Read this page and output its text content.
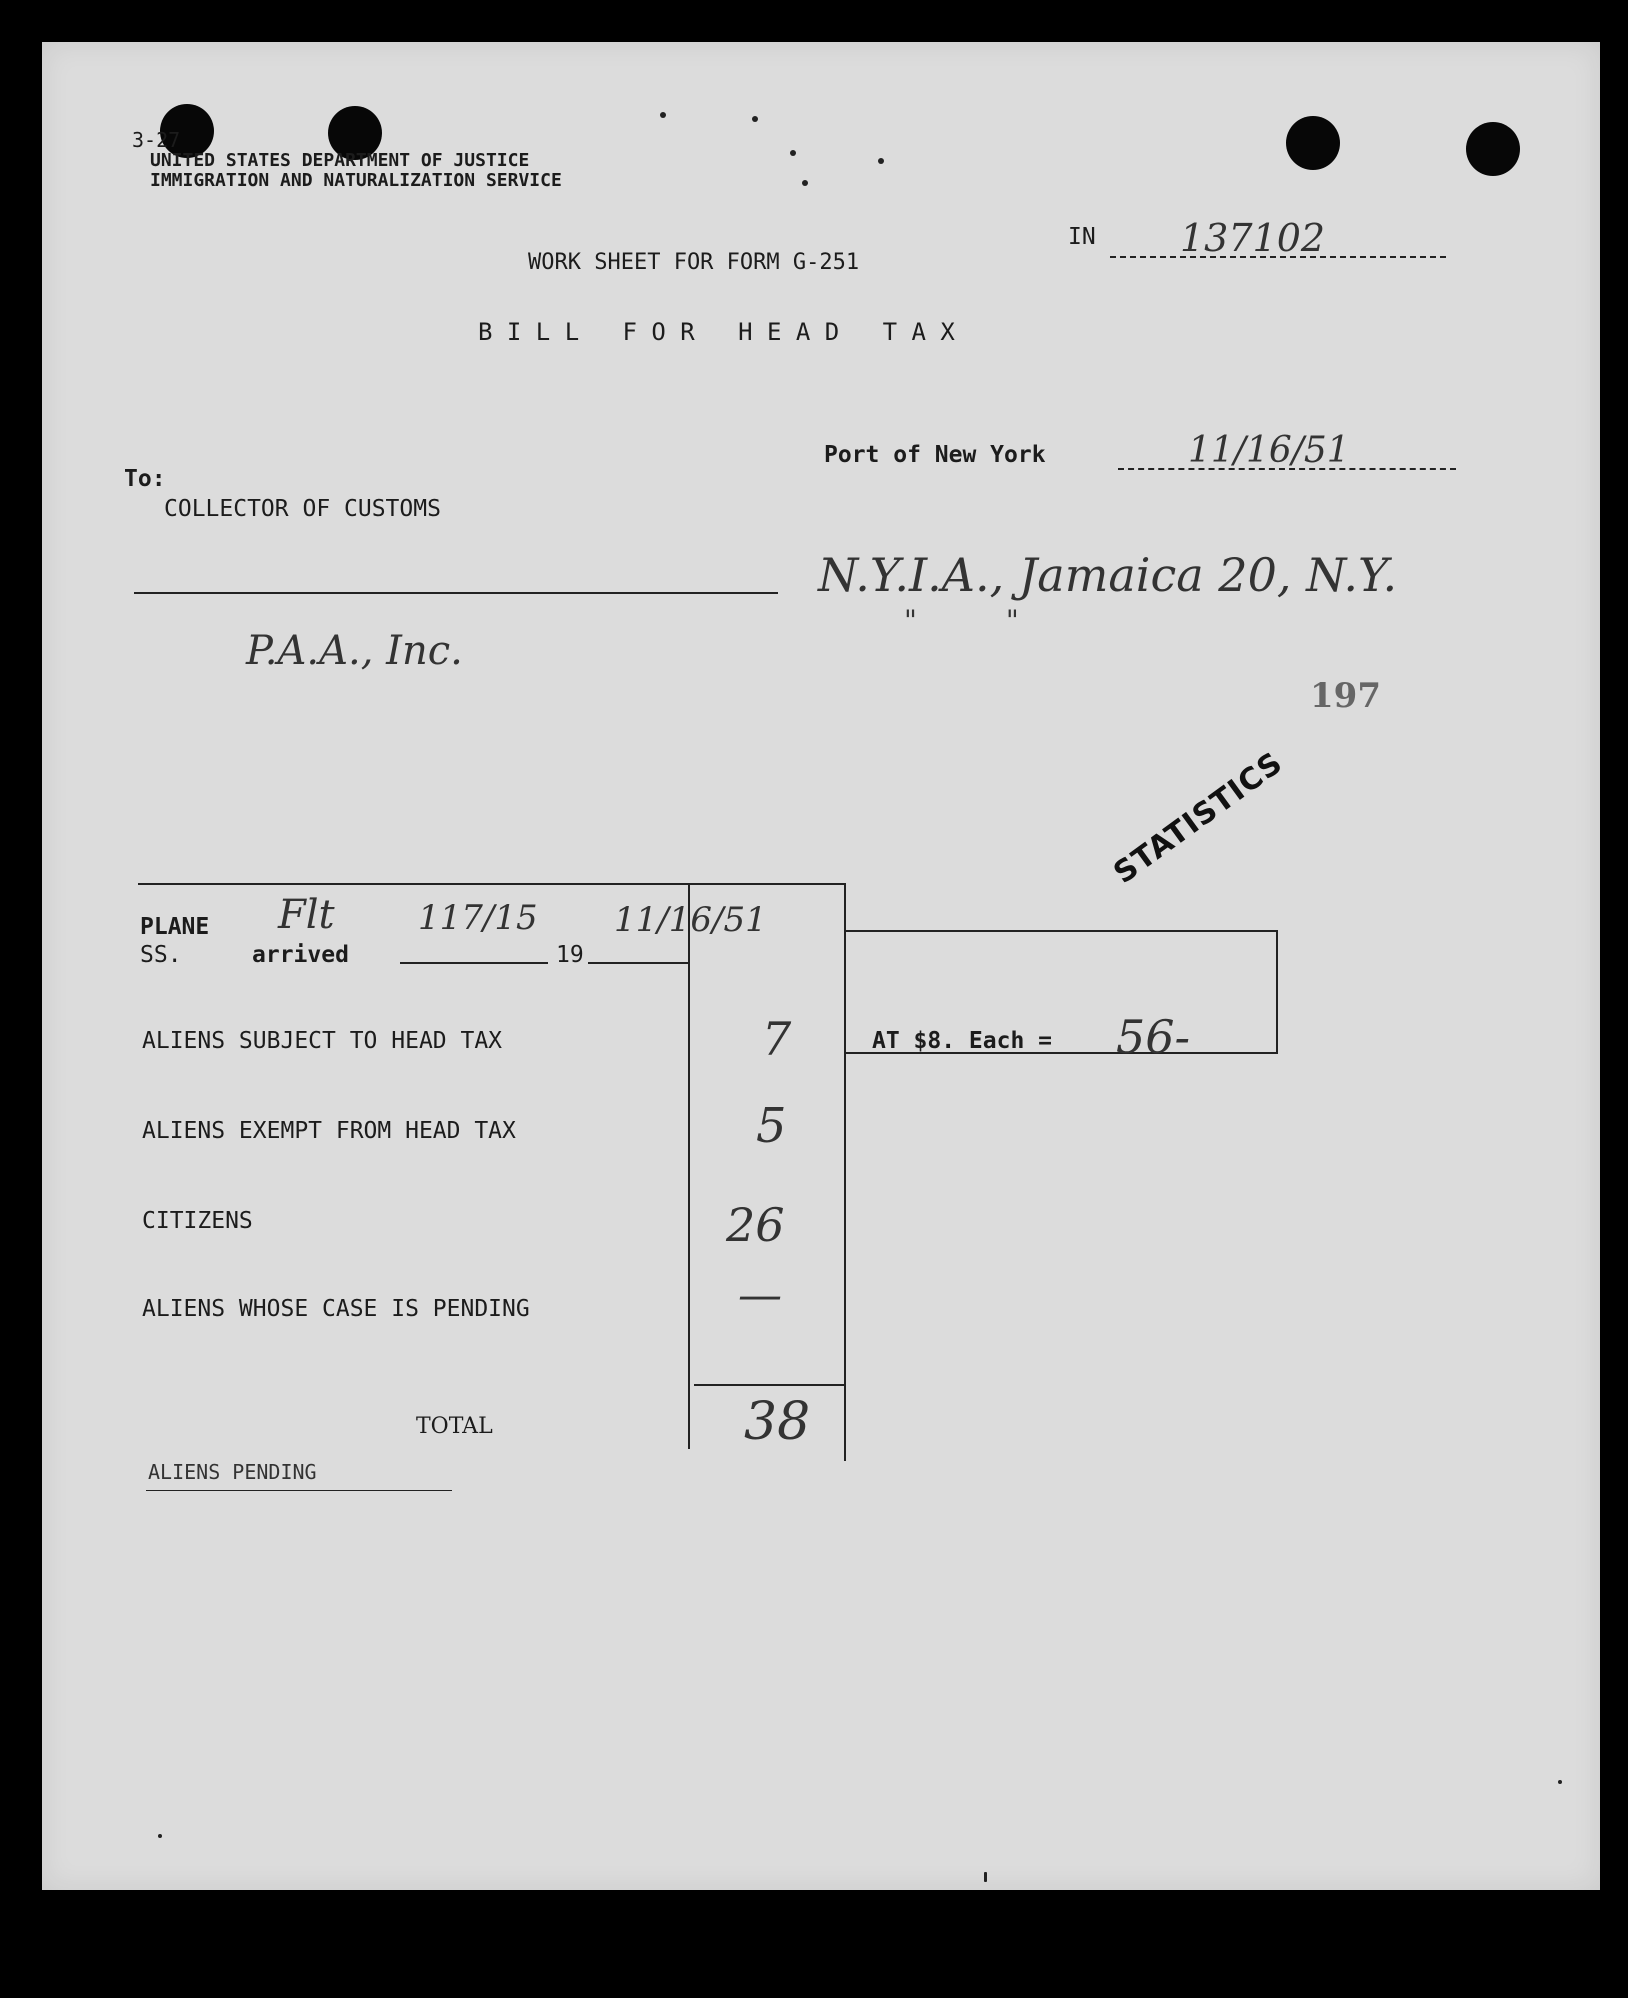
3-27
UNITED STATES DEPARTMENT OF JUSTICE
IMMIGRATION AND NATURALIZATION SERVICE
WORK SHEET FOR FORM G-251
B I L L   F O R   H E A D   T A X
IN 137102
Port of New York	11/16/51
To:
COLLECTOR OF CUSTOMS
N.Y.I.A., Jamaica 20, N.Y.
"          "
P.A.A., Inc.
197
STATISTICS
PLANE
SS.	arrived	19
Flt 117/15 11/16/51
ALIENS SUBJECT TO HEAD TAX	7	AT $8. Each = 56-
ALIENS EXEMPT FROM HEAD TAX	5
CITIZENS	26
ALIENS WHOSE CASE IS PENDING	—
TOTAL	38
ALIENS PENDING
